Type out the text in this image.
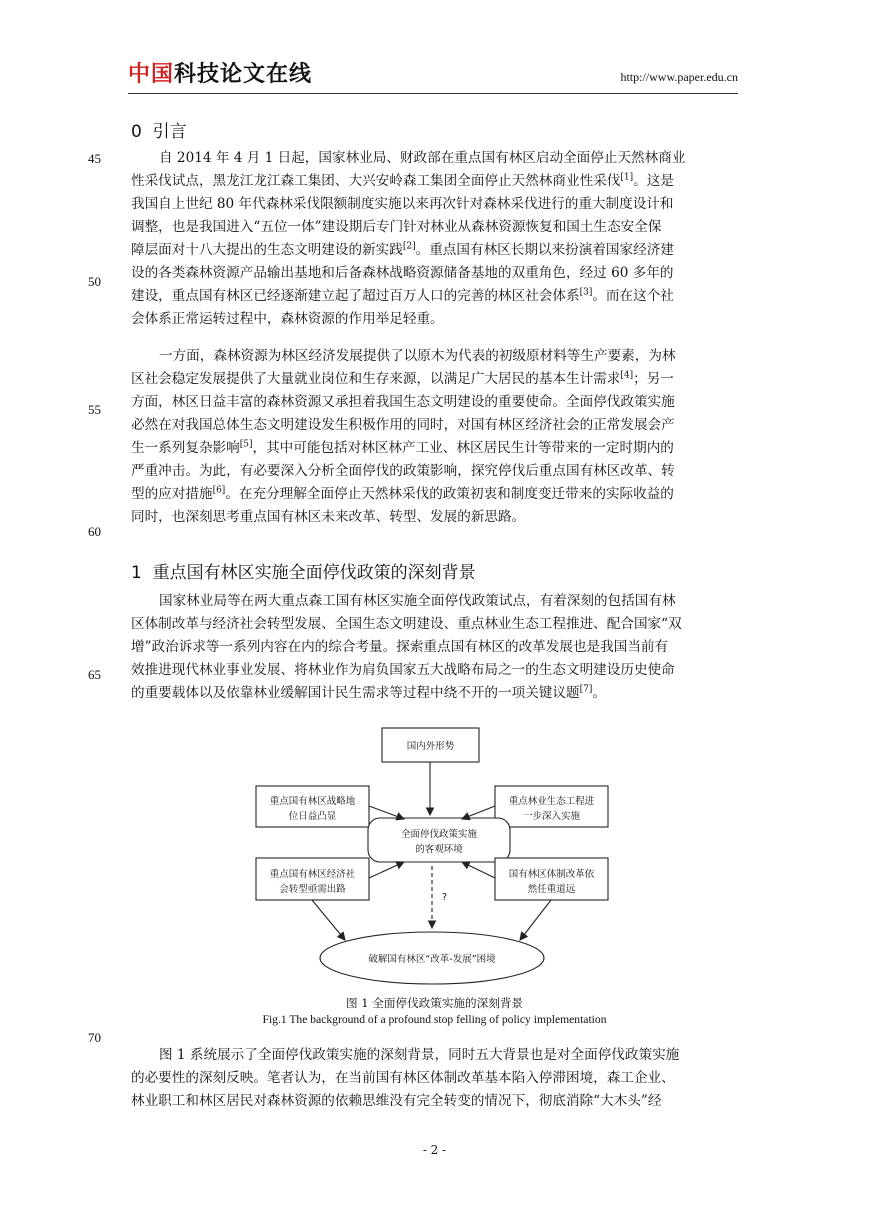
中国科技论文在线	http://www.paper.edu.cn
0  引言
45
50
55
60
65
70
自 2014 年 4 月 1 日起，国家林业局、财政部在重点国有林区启动全面停止天然林商业
性采伐试点，黑龙江龙江森工集团、大兴安岭森工集团全面停止天然林商业性采伐[1]。这是
我国自上世纪 80 年代森林采伐限额制度实施以来再次针对森林采伐进行的重大制度设计和
调整，也是我国进入“五位一体”建设期后专门针对林业从森林资源恢复和国土生态安全保
障层面对十八大提出的生态文明建设的新实践[2]。重点国有林区长期以来扮演着国家经济建
设的各类森林资源产品输出基地和后备森林战略资源储备基地的双重角色，经过 60 多年的
建设，重点国有林区已经逐渐建立起了超过百万人口的完善的林区社会体系[3]。而在这个社
会体系正常运转过程中，森林资源的作用举足轻重。
一方面，森林资源为林区经济发展提供了以原木为代表的初级原材料等生产要素，为林
区社会稳定发展提供了大量就业岗位和生存来源，以满足广大居民的基本生计需求[4]；另一
方面，林区日益丰富的森林资源又承担着我国生态文明建设的重要使命。全面停伐政策实施
必然在对我国总体生态文明建设发生积极作用的同时，对国有林区经济社会的正常发展会产
生一系列复杂影响[5]，其中可能包括对林区林产工业、林区居民生计等带来的一定时期内的
严重冲击。为此，有必要深入分析全面停伐的政策影响，探究停伐后重点国有林区改革、转
型的应对措施[6]。在充分理解全面停止天然林采伐的政策初衷和制度变迁带来的实际收益的
同时，也深刻思考重点国有林区未来改革、转型、发展的新思路。
1  重点国有林区实施全面停伐政策的深刻背景
国家林业局等在两大重点森工国有林区实施全面停伐政策试点，有着深刻的包括国有林
区体制改革与经济社会转型发展、全国生态文明建设、重点林业生态工程推进、配合国家“双
增”政治诉求等一系列内容在内的综合考量。探索重点国有林区的改革发展也是我国当前有
效推进现代林业事业发展、将林业作为肩负国家五大战略布局之一的生态文明建设历史使命
的重要载体以及依靠林业缓解国计民生需求等过程中绕不开的一项关键议题[7]。
国内外形势
重点国有林区战略地
位日益凸显
重点林业生态工程进
一步深入实施
全面停伐政策实施
的客观环境
重点国有林区经济社
会转型亟需出路
国有林区体制改革依
然任重道远
?
破解国有林区“改革-发展”困境
图 1 全面停伐政策实施的深刻背景
Fig.1 The background of a profound stop felling of policy implementation
图 1 系统展示了全面停伐政策实施的深刻背景，同时五大背景也是对全面停伐政策实施
的必要性的深刻反映。笔者认为，在当前国有林区体制改革基本陷入停滞困境，森工企业、
林业职工和林区居民对森林资源的依赖思维没有完全转变的情况下，彻底消除“大木头”经
- 2 -
